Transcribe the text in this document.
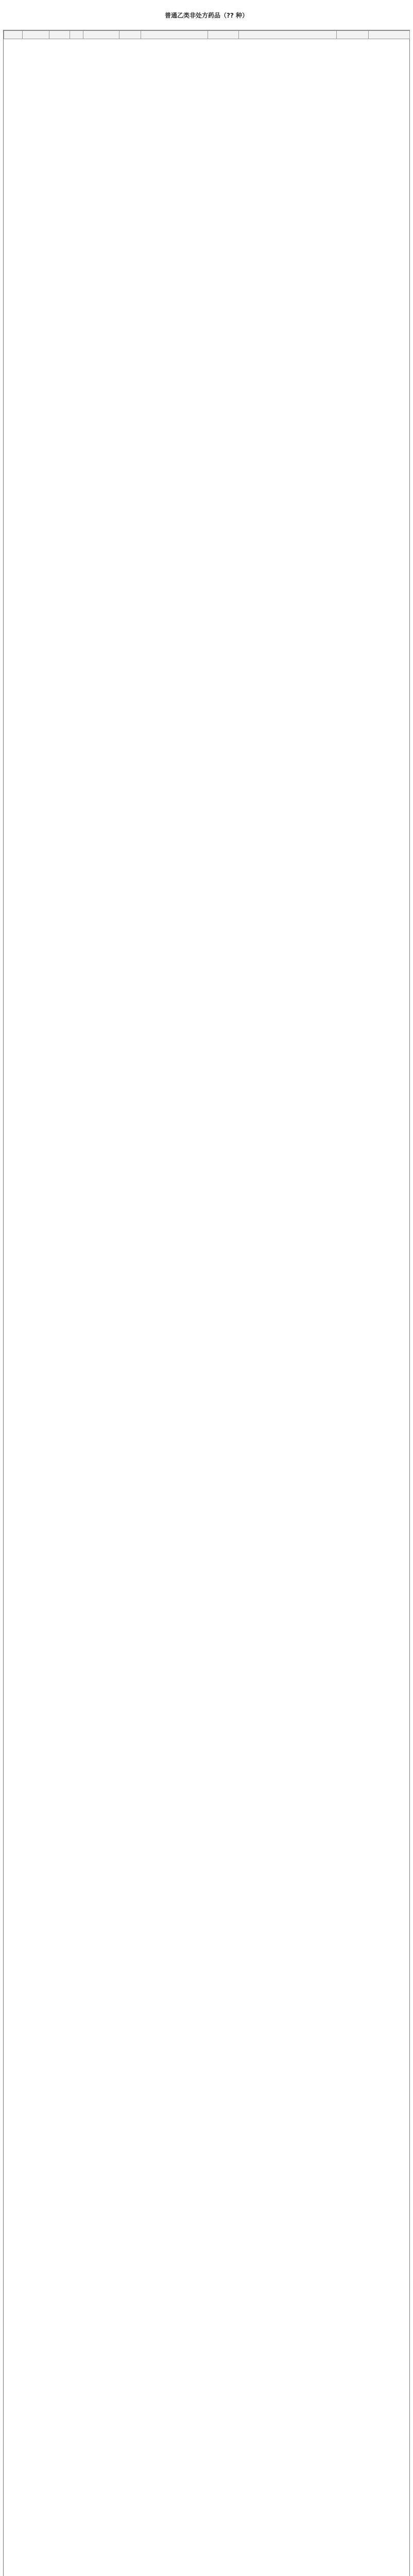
普通乙类非处方药品（?? 种）
